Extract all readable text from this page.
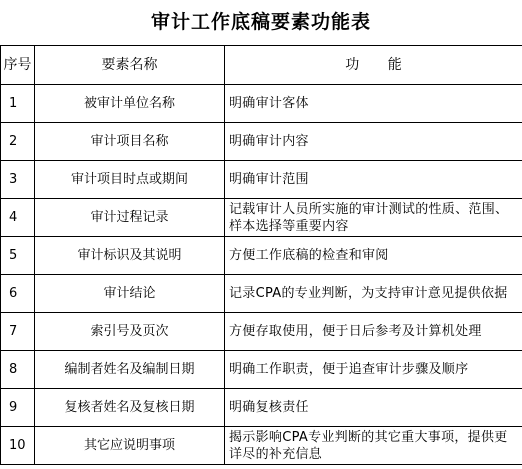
审计工作底稿要素功能表
序号	要素名称	功 能
1	被审计单位名称	明确审计客体
2	审计项目名称	明确审计内容
3	审计项目时点或期间	明确审计范围
4	审计过程记录	记载审计人员所实施的审计测试的性质、范围、样本选择等重要内容
5	审计标识及其说明	方便工作底稿的检查和审阅
6	审计结论	记录CPA的专业判断，为支持审计意见提供依据
7	索引号及页次	方便存取使用，便于日后参考及计算机处理
8	编制者姓名及编制日期	明确工作职责，便于追查审计步骤及顺序
9	复核者姓名及复核日期	明确复核责任
10	其它应说明事项	揭示影响CPA专业判断的其它重大事项，提供更详尽的补充信息
